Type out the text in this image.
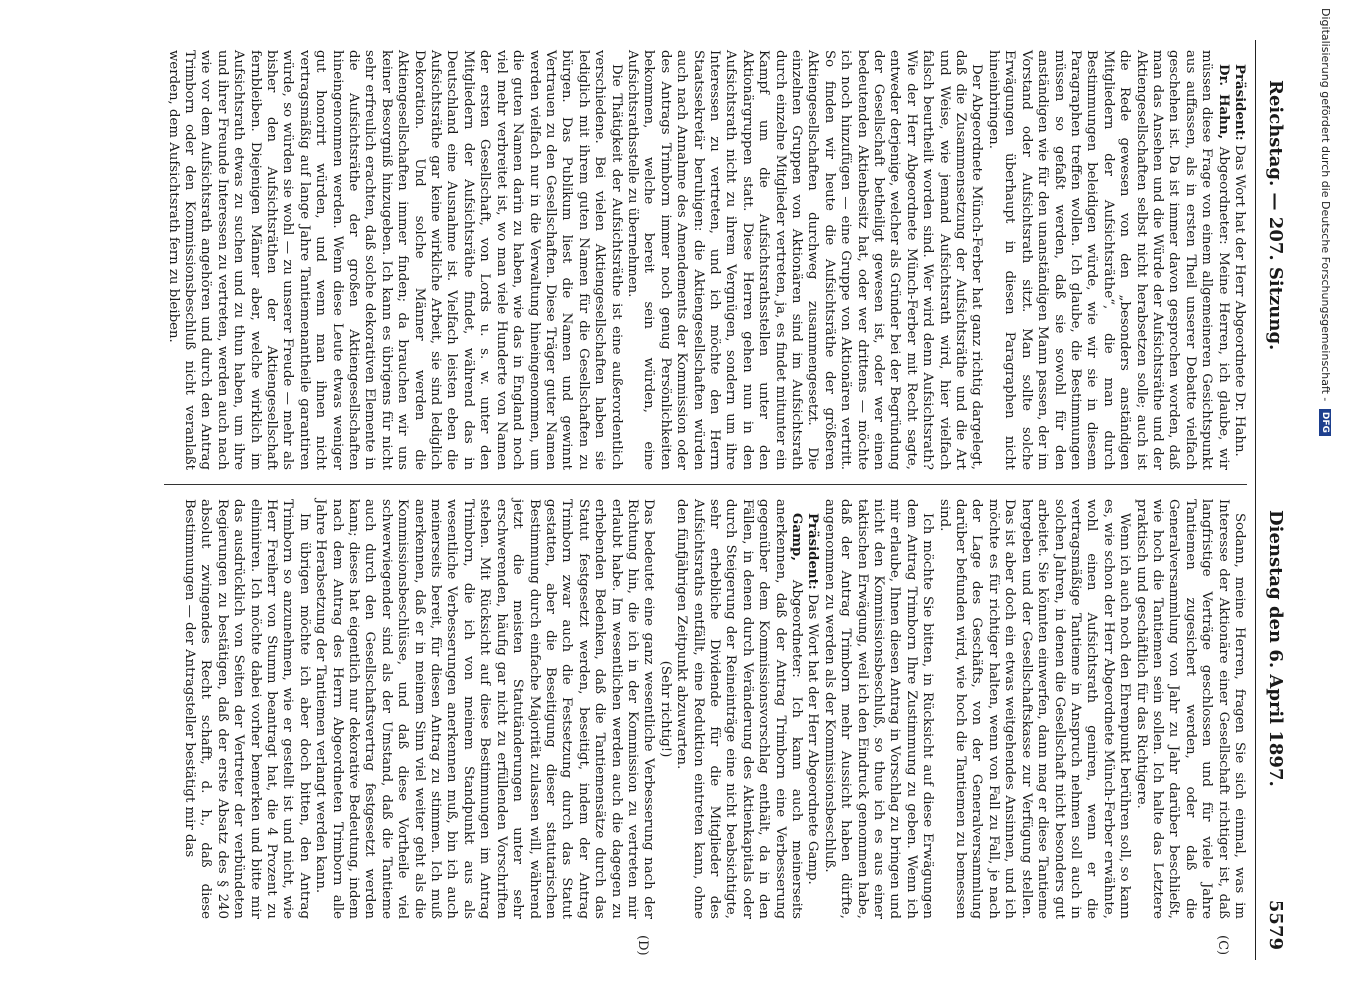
Reichstag. — 207. Sitzung.
Dienstag den 6. April 1897.
5579
(C)
(D)

Präsident: Das Wort hat der Herr Abgeordnete Dr. Hahn.

Dr. Hahn, Abgeordneter: Meine Herren, ich glaube, wir müssen diese Frage von einem allgemeineren Gesichtspunkt aus auffassen, als in ersten Theil unserer Debatte vielfach geschehen ist. Da ist immer davon gesprochen worden, daß man das Ansehen und die Würde der Aufsichtsräthe und der Aktiengesellschaften selbst nicht herabsetzen solle; auch ist die Rede gewesen von den „besonders anständigen Mitgliedern der Aufsichtsräthe“, die man durch Bestimmungen beleidigen würde, wie wir sie in diesem Paragraphen treffen wollen. Ich glaube, die Bestimmungen müssen so gefaßt werden, daß sie sowohl für den anständigen wie für den unanständigen Mann passen, der im Vorstand oder Aufsichtsrath sitzt. Man sollte solche Erwägungen überhaupt in diesen Paragraphen nicht hineinbringen.

Der Abgeordnete Münch-Ferber hat ganz richtig dargelegt, daß die Zusammensetzung der Aufsichtsräthe und die Art und Weise, wie jemand Aufsichtsrath wird, hier vielfach falsch beurtheilt worden sind. Wer wird denn Aufsichtsrath? Wie der Herr Abgeordnete Münch-Ferber mit Recht sagte, entweder derjenige, welcher als Gründer bei der Begründung der Gesellschaft betheiligt gewesen ist, oder wer einen bedeutenden Aktienbesitz hat, oder wer drittens — möchte ich noch hinzufügen — eine Gruppe von Aktionären vertritt. So finden wir heute die Aufsichtsräthe der größeren Aktiengesellschaften durchweg zusammengesetzt. Die einzelnen Gruppen von Aktionären sind im Aufsichtsrath durch einzelne Mitglieder vertreten, ja, es findet mitunter ein Kampf um die Aufsichtsrathsstellen unter den Aktionärgruppen statt. Diese Herren gehen nun in den Aufsichtsrath nicht zu ihrem Vergnügen, sondern um ihre Interessen zu vertreten, und ich möchte den Herrn Staatssekretär beruhigen: die Aktiengesellschaften würden auch nach Annahme des Amendements der Kommission oder des Antrags Trimborn immer noch genug Persönlichkeiten bekommen, welche bereit sein würden, eine Aufsichtsrathsstelle zu übernehmen.

Die Thätigkeit der Aufsichtsräthe ist eine außerordentlich verschiedene. Bei vielen Aktiengesellschaften haben sie lediglich mit ihrem guten Namen für die Gesellschaften zu bürgen. Das Publikum liest die Namen und gewinnt Vertrauen zu den Gesellschaften. Diese Träger guter Namen werden vielfach nur in die Verwaltung hineingenommen, um die guten Namen darin zu haben, wie das in England noch viel mehr verbreitet ist, wo man viele Hunderte von Namen der ersten Gesellschaft, von Lords u. s. w. unter den Mitgliedern der Aufsichtsräthe findet, während das in Deutschland eine Ausnahme ist. Vielfach leisten eben die Aufsichtsräthe gar keine wirkliche Arbeit, sie sind lediglich Dekoration. Und solche Männer werden die Aktiengesellschaften immer finden; da brauchen wir uns keiner Besorgniß hinzugeben. Ich kann es übrigens für nicht sehr erfreulich erachten, daß solche dekorativen Elemente in die Aufsichtsräthe der großen Aktiengesellschaften hineingenommen werden. Wenn diese Leute etwas weniger gut honorirt würden, und wenn man ihnen nicht vertragsmäßig auf lange Jahre Tantiemenantheile garantiren würde, so würden sie wohl — zu unserer Freude — mehr als bisher den Aufsichtsräthen der Aktiengesellschaft fernbleiben. Diejenigen Männer aber, welche wirklich im Aufsichtsrath etwas zu suchen und zu thun haben, um ihre und ihrer Freunde Interessen zu vertreten, werden auch nach wie vor dem Aufsichtsrath angehören und durch den Antrag Trimborn oder den Kommissionsbeschluß nicht veranlaßt werden, dem Aufsichtsrath fern zu bleiben.

Sodann, meine Herren, fragen Sie sich einmal, was im Interesse der Aktionäre einer Gesellschaft richtiger ist, daß langfristige Verträge geschlossen und für viele Jahre Tantiemen zugesichert werden, oder daß die Generalversammlung von Jahr zu Jahr darüber beschließt, wie hoch die Tantiemen sein sollen. Ich halte das Letztere praktisch und geschäftlich für das Richtigere.

Wenn ich auch noch den Ehrenpunkt berühren soll, so kann es, wie schon der Herr Abgeordnete Münch-Ferber erwähnte, wohl einen Aufsichtsrath geniren, wenn er die vertragsmäßige Tantieme in Anspruch nehmen soll auch in solchen Jahren, in denen die Gesellschaft nicht besonders gut arbeitet. Sie könnten einwerfen, dann mag er diese Tantieme hergeben und der Gesellschaftskasse zur Verfügung stellen. Das ist aber doch ein etwas weitgehendes Ansinnen, und ich möchte es für richtiger halten, wenn von Fall zu Fall, je nach der Lage des Geschäfts, von der Generalversammlung darüber befunden wird, wie hoch die Tantiemen zu bemessen sind.

Ich möchte Sie bitten, in Rücksicht auf diese Erwägungen dem Antrag Trimborn Ihre Zustimmung zu geben. Wenn ich mir erlaube, Ihnen diesen Antrag in Vorschlag zu bringen und nicht den Kommissionsbeschluß, so thue ich es aus einer taktischen Erwägung, weil ich den Eindruck genommen habe, daß der Antrag Trimborn mehr Aussicht haben dürfte, angenommen zu werden als der Kommissionsbeschluß.

Präsident: Das Wort hat der Herr Abgeordnete Gamp.

Gamp, Abgeordneter: Ich kann auch meinerseits anerkennen, daß der Antrag Trimborn eine Verbesserung gegenüber dem Kommissionsvorschlag enthält, da in den Fällen, in denen durch Veränderung des Aktienkapitals oder durch Steigerung der Reineinträge eine nicht beabsichtigte, sehr erhebliche Dividende für die Mitglieder des Aufsichtsraths entfällt, eine Reduktion eintreten kann, ohne den fünfjährigen Zeitpunkt abzuwarten.

(Sehr richtig!)

Das bedeutet eine ganz wesentliche Verbesserung nach der Richtung hin, die ich in der Kommission zu vertreten mir erlaubt habe. Im wesentlichen werden auch die dagegen zu erhebenden Bedenken, daß die Tantiemensätze durch das Statut festgesetzt werden, beseitigt, indem der Antrag Trimborn zwar auch die Festsetzung durch das Statut gestatten, aber die Beseitigung dieser statutarischen Bestimmung durch einfache Majorität zulassen will, während jetzt die meisten Statutänderungen unter sehr erschwerenden, häufig gar nicht zu erfüllenden Vorschriften stehen. Mit Rücksicht auf diese Bestimmungen im Antrag Trimborn, die ich von meinem Standpunkt aus als wesentliche Verbesserungen anerkennen muß, bin ich auch meinerseits bereit, für diesen Antrag zu stimmen. Ich muß anerkennen, daß er in meinem Sinn viel weiter geht als die Kommissionsbeschlüsse, und daß diese Vortheile viel schwerwiegender sind als der Umstand, daß die Tantieme auch durch den Gesellschaftsvertrag festgesetzt werden kann; dieses hat eigentlich nur dekorative Bedeutung, indem nach dem Antrag des Herrn Abgeordneten Trimborn alle Jahre Herabsetzung der Tantiemen verlangt werden kann.

Im übrigen möchte ich aber doch bitten, den Antrag Trimborn so anzunehmen, wie er gestellt ist und nicht, wie Herr Freiherr von Stumm beantragt hat, die 4 Prozent zu eliminiren. Ich möchte dabei vorher bemerken und bitte mir das ausdrücklich von Seiten der Vertreter der verbündeten Regierungen zu bestätigen, daß der erste Absatz des § 240 absolut zwingendes Recht schafft, d. h., daß diese Bestimmungen — der Antragsteller bestätigt mir das

Digitalisierung gefördert durch die Deutsche Forschungsgemeinschaft - DFG
